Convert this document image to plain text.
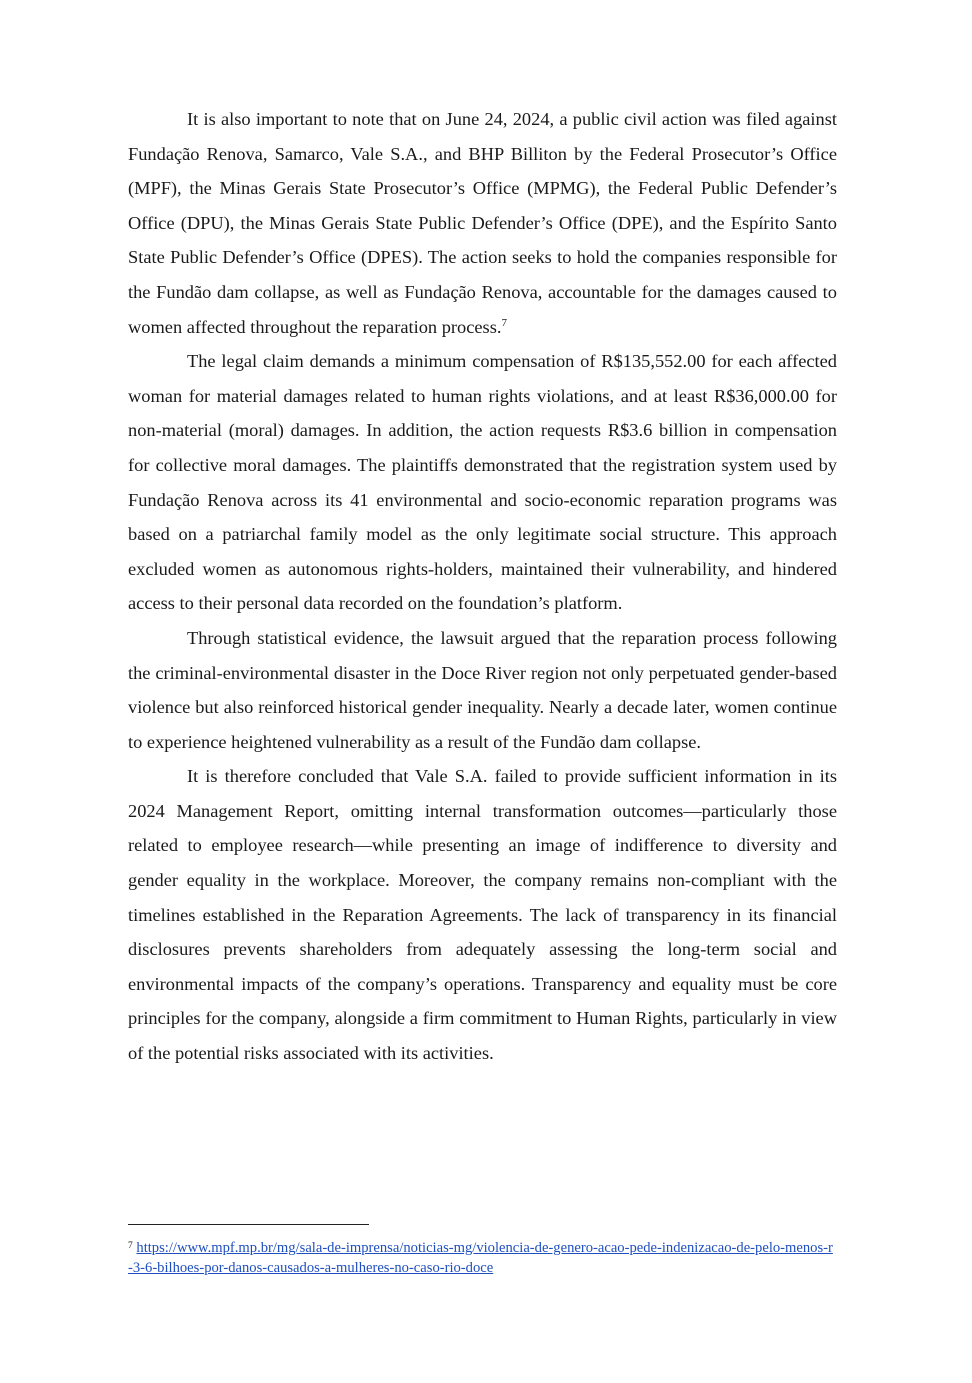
It is also important to note that on June 24, 2024, a public civil action was filed against Fundação Renova, Samarco, Vale S.A., and BHP Billiton by the Federal Prosecutor’s Office (MPF), the Minas Gerais State Prosecutor’s Office (MPMG), the Federal Public Defender’s Office (DPU), the Minas Gerais State Public Defender’s Office (DPE), and the Espírito Santo State Public Defender’s Office (DPES). The action seeks to hold the companies responsible for the Fundão dam collapse, as well as Fundação Renova, accountable for the damages caused to women affected throughout the reparation process.$^7$

The legal claim demands a minimum compensation of R$135,552.00 for each affected woman for material damages related to human rights violations, and at least R$36,000.00 for non-material (moral) damages. In addition, the action requests R$3.6 billion in compensation for collective moral damages. The plaintiffs demonstrated that the registration system used by Fundação Renova across its 41 environmental and socio-economic reparation programs was based on a patriarchal family model as the only legitimate social structure. This approach excluded women as autonomous rights-holders, maintained their vulnerability, and hindered access to their personal data recorded on the foundation’s platform.

Through statistical evidence, the lawsuit argued that the reparation process following the criminal-environmental disaster in the Doce River region not only perpetuated gender-based violence but also reinforced historical gender inequality. Nearly a decade later, women continue to experience heightened vulnerability as a result of the Fundão dam collapse.

It is therefore concluded that Vale S.A. failed to provide sufficient information in its 2024 Management Report, omitting internal transformation outcomes—particularly those related to employee research—while presenting an image of indifference to diversity and gender equality in the workplace. Moreover, the company remains non-compliant with the timelines established in the Reparation Agreements. The lack of transparency in its financial disclosures prevents shareholders from adequately assessing the long-term social and environmental impacts of the company’s operations. Transparency and equality must be core principles for the company, alongside a firm commitment to Human Rights, particularly in view of the potential risks associated with its activities.

$^7$ https://www.mpf.mp.br/mg/sala-de-imprensa/noticias-mg/violencia-de-genero-acao-pede-indenizacao-de-pelo-menos-r-3-6-bilhoes-por-danos-causados-a-mulheres-no-caso-rio-doce
